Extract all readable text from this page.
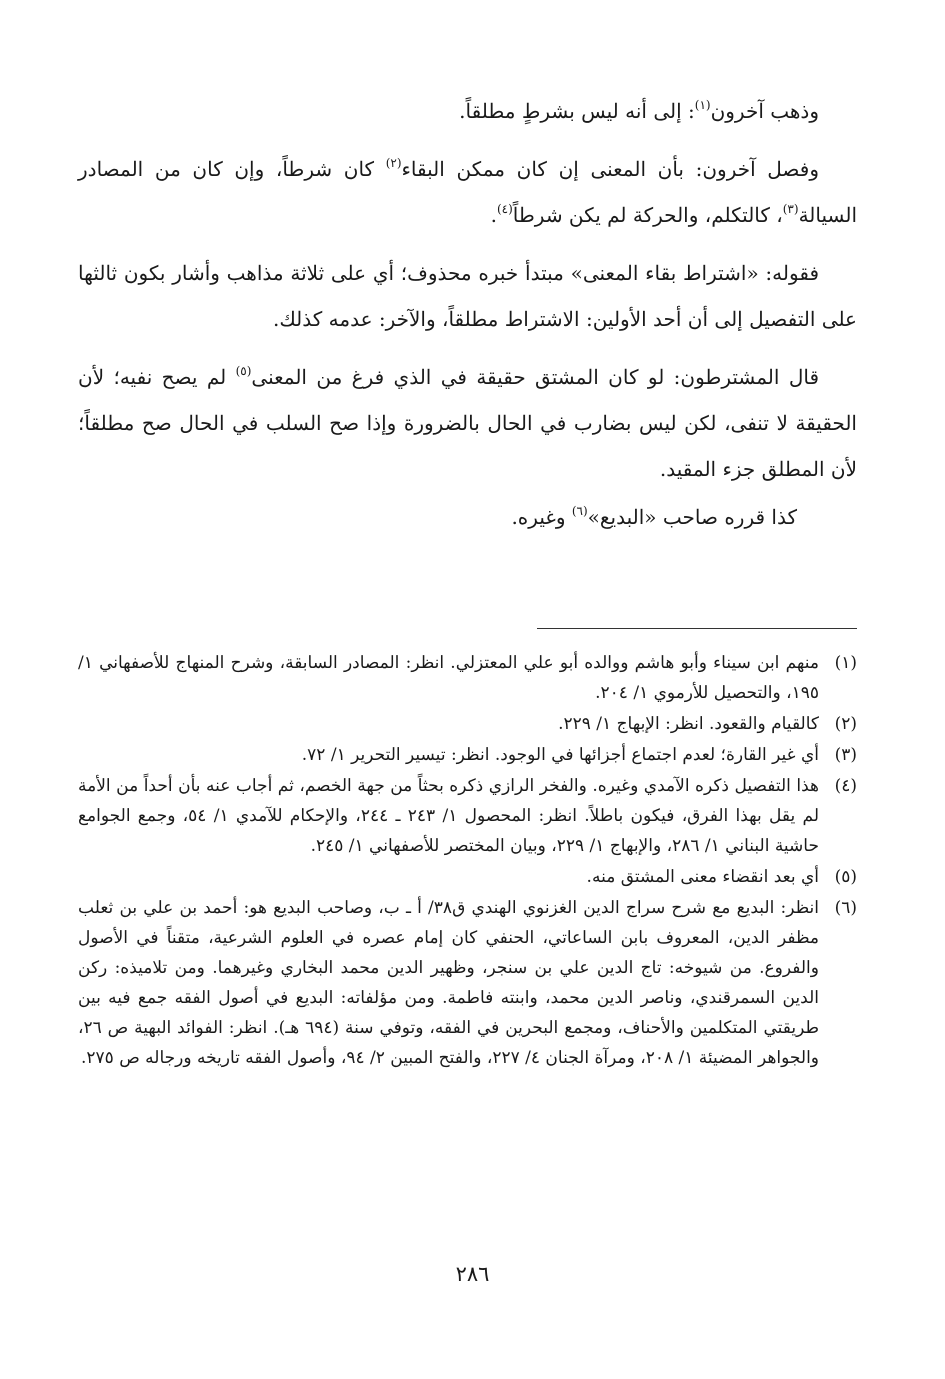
وذهب آخرون$^{(١)}$: إلى أنه ليس بشرطٍ مطلقاً.

وفصل آخرون: بأن المعنى إن كان ممكن البقاء$^{(٢)}$ كان شرطاً، وإن كان من المصادر السيالة$^{(٣)}$، كالتكلم، والحركة لم يكن شرطاً$^{(٤)}$.

فقوله: «اشتراط بقاء المعنى» مبتدأ خبره محذوف؛ أي على ثلاثة مذاهب وأشار بكون ثالثها على التفصيل إلى أن أحد الأولين: الاشتراط مطلقاً، والآخر: عدمه كذلك.

قال المشترطون: لو كان المشتق حقيقة في الذي فرغ من المعنى$^{(٥)}$ لم يصح نفيه؛ لأن الحقيقة لا تنفى، لكن ليس بضارب في الحال بالضرورة وإذا صح السلب في الحال صح مطلقاً؛ لأن المطلق جزء المقيد.

كذا قرره صاحب «البديع»$^{(٦)}$ وغيره.

(١)
منهم ابن سيناء وأبو هاشم ووالده أبو علي المعتزلي. انظر: المصادر السابقة، وشرح المنهاج للأصفهاني ١/ ١٩٥، والتحصيل للأرموي ١/ ٢٠٤.
(٢)
كالقيام والقعود. انظر: الإبهاج ١/ ٢٢٩.
(٣)
أي غير القارة؛ لعدم اجتماع أجزائها في الوجود. انظر: تيسير التحرير ١/ ٧٢.
(٤)
هذا التفصيل ذكره الآمدي وغيره. والفخر الرازي ذكره بحثاً من جهة الخصم، ثم أجاب عنه بأن أحداً من الأمة لم يقل بهذا الفرق، فيكون باطلاً. انظر: المحصول ١/ ٢٤٣ ـ ٢٤٤، والإحكام للآمدي ١/ ٥٤، وجمع الجوامع حاشية البناني ١/ ٢٨٦، والإبهاج ١/ ٢٢٩، وبيان المختصر للأصفهاني ١/ ٢٤٥.
(٥)
أي بعد انقضاء معنى المشتق منه.
(٦)
انظر: البديع مع شرح سراج الدين الغزنوي الهندي ق٣٨/ أ ـ ب، وصاحب البديع هو: أحمد بن علي بن ثعلب مظفر الدين، المعروف بابن الساعاتي، الحنفي كان إمام عصره في العلوم الشرعية، متقناً في الأصول والفروع. من شيوخه: تاج الدين علي بن سنجر، وظهير الدين محمد البخاري وغيرهما. ومن تلاميذه: ركن الدين السمرقندي، وناصر الدين محمد، وابنته فاطمة. ومن مؤلفاته: البديع في أصول الفقه جمع فيه بين طريقتي المتكلمين والأحناف، ومجمع البحرين في الفقه، وتوفي سنة (٦٩٤ هـ). انظر: الفوائد البهية ص ٢٦، والجواهر المضيئة ١/ ٢٠٨، ومرآة الجنان ٤/ ٢٢٧، والفتح المبين ٢/ ٩٤، وأصول الفقه تاريخه ورجاله ص ٢٧٥.
٢٨٦
